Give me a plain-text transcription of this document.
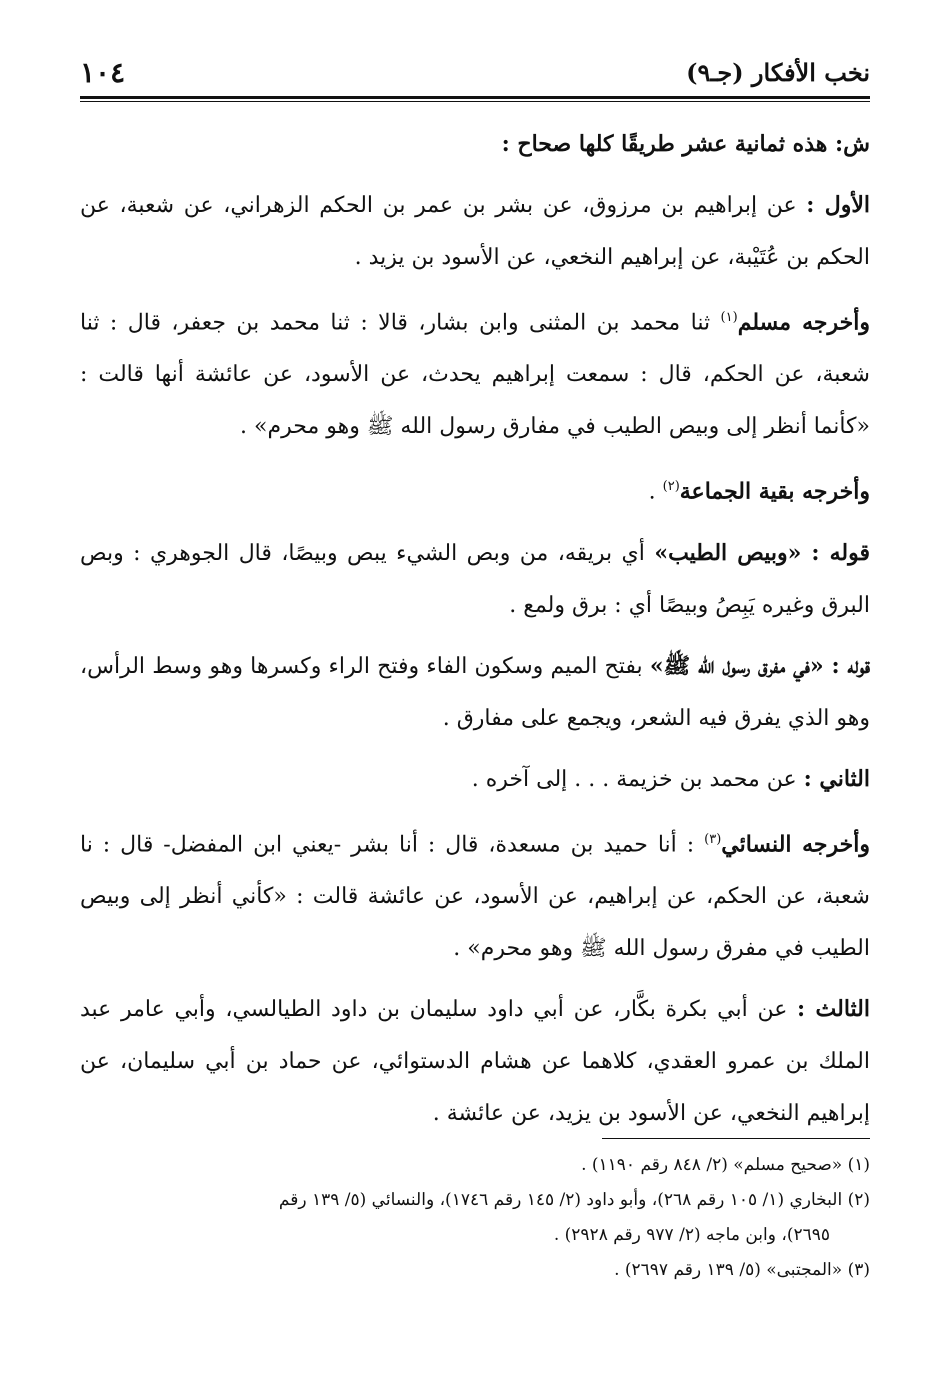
نخب الأفكار (جـ٩)
١٠٤

ش: هذه ثمانية عشر طريقًا كلها صحاح :

الأول : عن إبراهيم بن مرزوق، عن بشر بن عمر بن الحكم الزهراني، عن شعبة، عن الحكم بن عُتَيْبة، عن إبراهيم النخعي، عن الأسود بن يزيد .

وأخرجه مسلم$^{(١)}$ ثنا محمد بن المثنى وابن بشار، قالا : ثنا محمد بن جعفر، قال : ثنا شعبة، عن الحكم، قال : سمعت إبراهيم يحدث، عن الأسود، عن عائشة أنها قالت : «كأنما أنظر إلى وبيص الطيب في مفارق رسول الله ﷺ وهو محرم» .

وأخرجه بقية الجماعة$^{(٢)}$ .

قوله : «وبيص الطيب» أي بريقه، من وبص الشيء يبص وبيصًا، قال الجوهري : وبص البرق وغيره يَبِصُ وبيصًا أي : برق ولمع .

قوله : «في مفرق رسول الله ﷺ» بفتح الميم وسكون الفاء وفتح الراء وكسرها وهو وسط الرأس، وهو الذي يفرق فيه الشعر، ويجمع على مفارق .

الثاني : عن محمد بن خزيمة . . . إلى آخره .

وأخرجه النسائي$^{(٣)}$ : أنا حميد بن مسعدة، قال : أنا بشر -يعني ابن المفضل- قال : نا شعبة، عن الحكم، عن إبراهيم، عن الأسود، عن عائشة قالت : «كأني أنظر إلى وبيص الطيب في مفرق رسول الله ﷺ وهو محرم» .

الثالث : عن أبي بكرة بكَّار، عن أبي داود سليمان بن داود الطيالسي، وأبي عامر عبد الملك بن عمرو العقدي، كلاهما عن هشام الدستوائي، عن حماد بن أبي سليمان، عن إبراهيم النخعي، عن الأسود بن يزيد، عن عائشة .

(١) «صحيح مسلم» (٢/ ٨٤٨ رقم ١١٩٠) .

(٢) البخاري (١/ ١٠٥ رقم ٢٦٨)، وأبو داود (٢/ ١٤٥ رقم ١٧٤٦)، والنسائي (٥/ ١٣٩ رقم

٢٦٩٥)، وابن ماجه (٢/ ٩٧٧ رقم ٢٩٢٨) .

(٣) «المجتبى» (٥/ ١٣٩ رقم ٢٦٩٧) .
